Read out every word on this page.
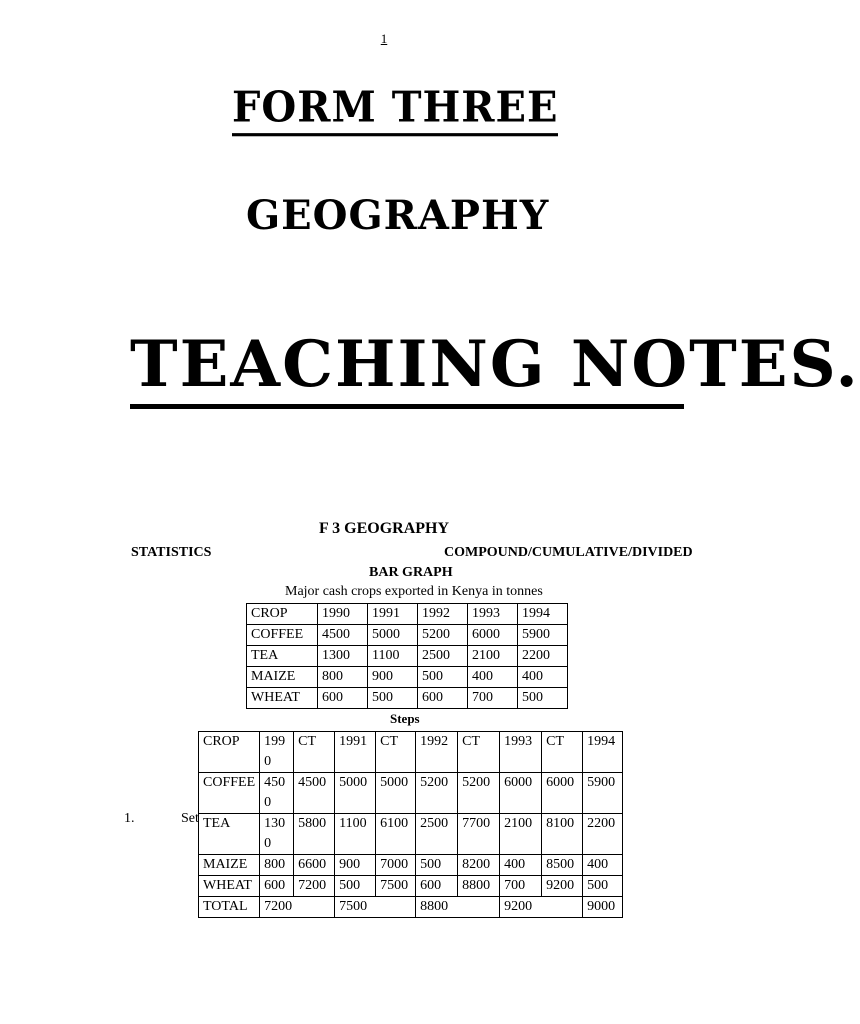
1
FORM THREE
GEOGRAPHY
TEACHING NOTES.
F 3 GEOGRAPHY
STATISTICS	COMPOUND/CUMULATIVE/DIVIDED
BAR GRAPH
Major cash crops exported in Kenya in tonnes
CROP	1990	1991	1992	1993	1994
COFFEE	4500	5000	5200	6000	5900
TEA	1300	1100	2500	2100	2200
MAIZE	800	900	500	400	400
WHEAT	600	500	600	700	500
Steps
1.	Set
CROP	1990	CT	1991	CT	1992	CT	1993	CT	1994
COFFEE	4500	4500	5000	5000	5200	5200	6000	6000	5900
TEA	1300	5800	1100	6100	2500	7700	2100	8100	2200
MAIZE	800	6600	900	7000	500	8200	400	8500	400
WHEAT	600	7200	500	7500	600	8800	700	9200	500
TOTAL	7200		7500		8800		9200		9000
